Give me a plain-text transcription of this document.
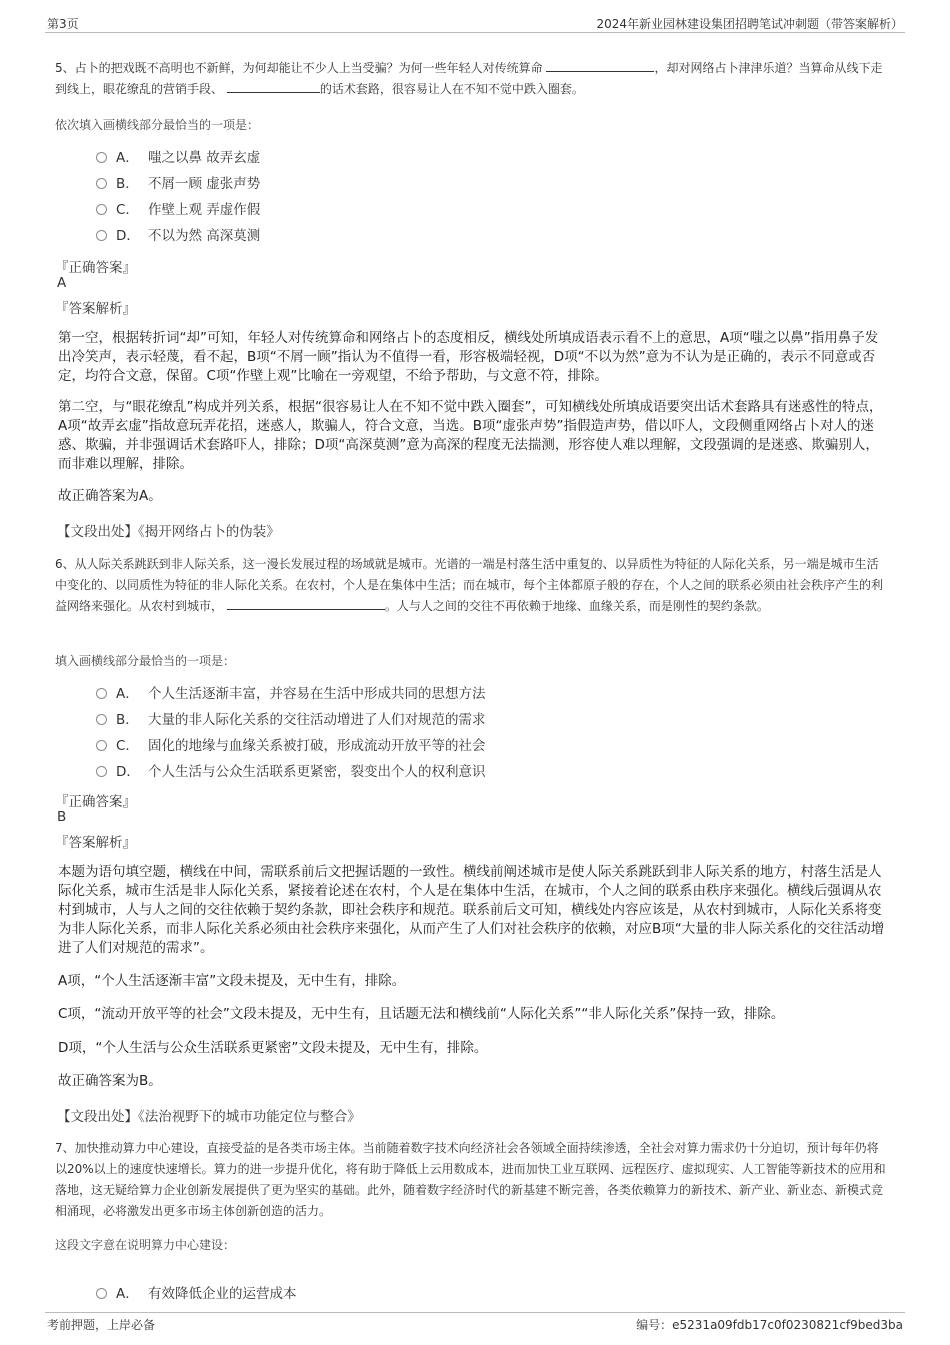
第3页	2024年新业园林建设集团招聘笔试冲刺题（带答案解析）

5、占卜的把戏既不高明也不新鲜，为何却能让不少人上当受骗？为何一些年轻人对传统算命	，却对网络占卜津津乐道？当算命从线下走到线上，眼花缭乱的营销手段、	的话术套路，很容易让人在不知不觉中跌入圈套。

依次填入画横线部分最恰当的一项是：

A． 嗤之以鼻 故弄玄虚
B． 不屑一顾 虚张声势
C． 作壁上观 弄虚作假
D． 不以为然 高深莫测

『正确答案』

A

『答案解析』

第一空，根据转折词“却”可知，年轻人对传统算命和网络占卜的态度相反，横线处所填成语表示看不上的意思，A项“嗤之以鼻”指用鼻子发出冷笑声，表示轻蔑，看不起，B项“不屑一顾”指认为不值得一看，形容极端轻视，D项“不以为然”意为不认为是正确的，表示不同意或否定，均符合文意，保留。C项“作壁上观”比喻在一旁观望，不给予帮助，与文意不符，排除。

第二空，与“眼花缭乱”构成并列关系，根据“很容易让人在不知不觉中跌入圈套”，可知横线处所填成语要突出话术套路具有迷惑性的特点，A项“故弄玄虚”指故意玩弄花招，迷惑人，欺骗人，符合文意，当选。B项“虚张声势”指假造声势，借以吓人，文段侧重网络占卜对人的迷惑、欺骗，并非强调话术套路吓人，排除；D项“高深莫测”意为高深的程度无法揣测，形容使人难以理解，文段强调的是迷惑、欺骗别人，而非难以理解，排除。

故正确答案为A。

【文段出处】《揭开网络占卜的伪装》

6、从人际关系跳跃到非人际关系，这一漫长发展过程的场域就是城市。光谱的一端是村落生活中重复的、以异质性为特征的人际化关系，另一端是城市生活中变化的、以同质性为特征的非人际化关系。在农村，个人是在集体中生活；而在城市，每个主体都原子般的存在，个人之间的联系必须由社会秩序产生的利益网络来强化。从农村到城市，	。人与人之间的交往不再依赖于地缘、血缘关系，而是刚性的契约条款。

填入画横线部分最恰当的一项是：

A． 个人生活逐渐丰富，并容易在生活中形成共同的思想方法
B． 大量的非人际化关系的交往活动增进了人们对规范的需求
C． 固化的地缘与血缘关系被打破，形成流动开放平等的社会
D． 个人生活与公众生活联系更紧密，裂变出个人的权利意识

『正确答案』

B

『答案解析』

本题为语句填空题，横线在中间，需联系前后文把握话题的一致性。横线前阐述城市是使人际关系跳跃到非人际关系的地方，村落生活是人际化关系，城市生活是非人际化关系，紧接着论述在农村，个人是在集体中生活，在城市，个人之间的联系由秩序来强化。横线后强调从农村到城市，人与人之间的交往依赖于契约条款，即社会秩序和规范。联系前后文可知，横线处内容应该是，从农村到城市，人际化关系将变为非人际化关系，而非人际化关系必须由社会秩序来强化，从而产生了人们对社会秩序的依赖，对应B项“大量的非人际关系化的交往活动增进了人们对规范的需求”。

A项，“个人生活逐渐丰富”文段未提及，无中生有，排除。

C项，“流动开放平等的社会”文段未提及，无中生有，且话题无法和横线前“人际化关系”“非人际化关系”保持一致，排除。

D项，“个人生活与公众生活联系更紧密”文段未提及，无中生有，排除。

故正确答案为B。

【文段出处】《法治视野下的城市功能定位与整合》

7、加快推动算力中心建设，直接受益的是各类市场主体。当前随着数字技术向经济社会各领域全面持续渗透，全社会对算力需求仍十分迫切，预计每年仍将以20%以上的速度快速增长。算力的进一步提升优化，将有助于降低上云用数成本，进而加快工业互联网、远程医疗、虚拟现实、人工智能等新技术的应用和落地，这无疑给算力企业创新发展提供了更为坚实的基础。此外，随着数字经济时代的新基建不断完善，各类依赖算力的新技术、新产业、新业态、新模式竞相涌现，必将激发出更多市场主体创新创造的活力。

这段文字意在说明算力中心建设：

A． 有效降低企业的运营成本
考前押题，上岸必备	编号：e5231a09fdb17c0f0230821cf9bed3ba
